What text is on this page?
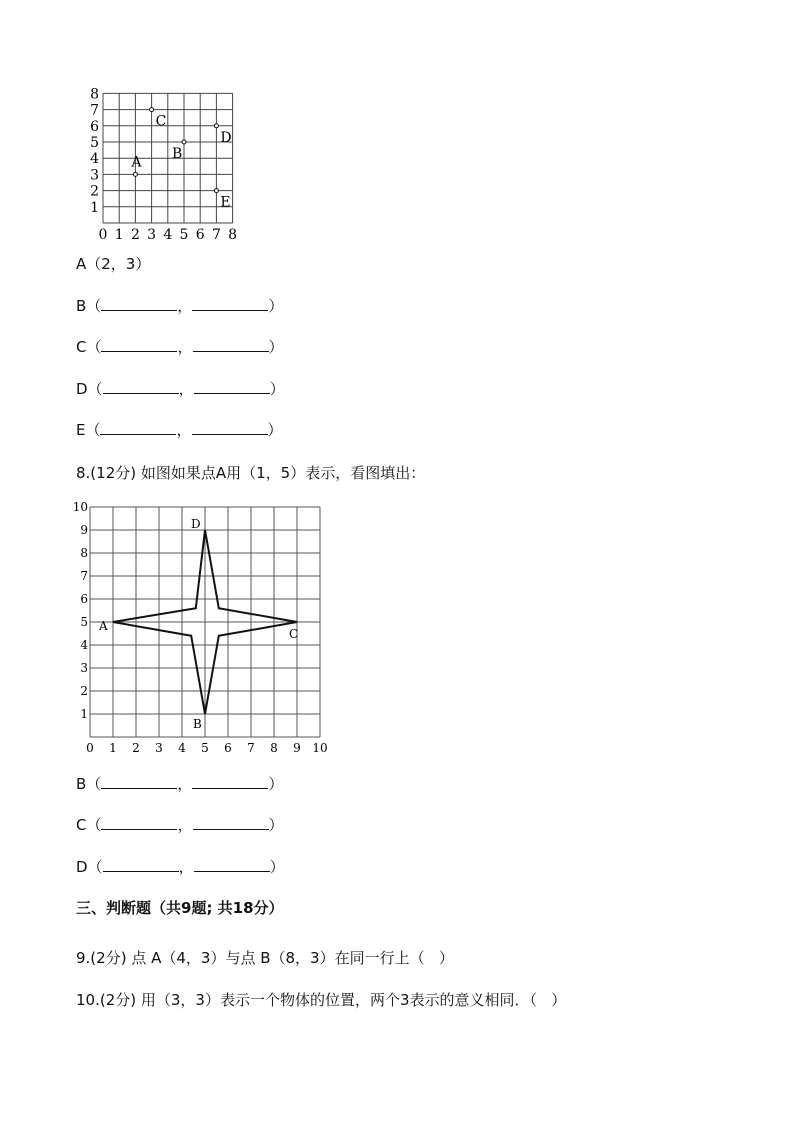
0 1 2 3 4 5 6 7 8
1
2
3
4
5
6
7
8
A
B
C
D
E
A（2，3）
B（	，	）
C（	，	）
D（	，	）
E（	，	）
8.(12分) 如图如果点A用（1，5）表示，看图填出：
0 1 2 3 4 5 6 7 8 9 10
1
2
3
4
5
6
7
8
9
10
A
B
C
D
B（	，	）
C（	，	）
D（	，	）
三、判断题（共9题; 共18分）
9.(2分) 点 A（4，3）与点 B（8，3）在同一行上（   ）
10.(2分) 用（3，3）表示一个物体的位置，两个3表示的意义相同．（   ）
